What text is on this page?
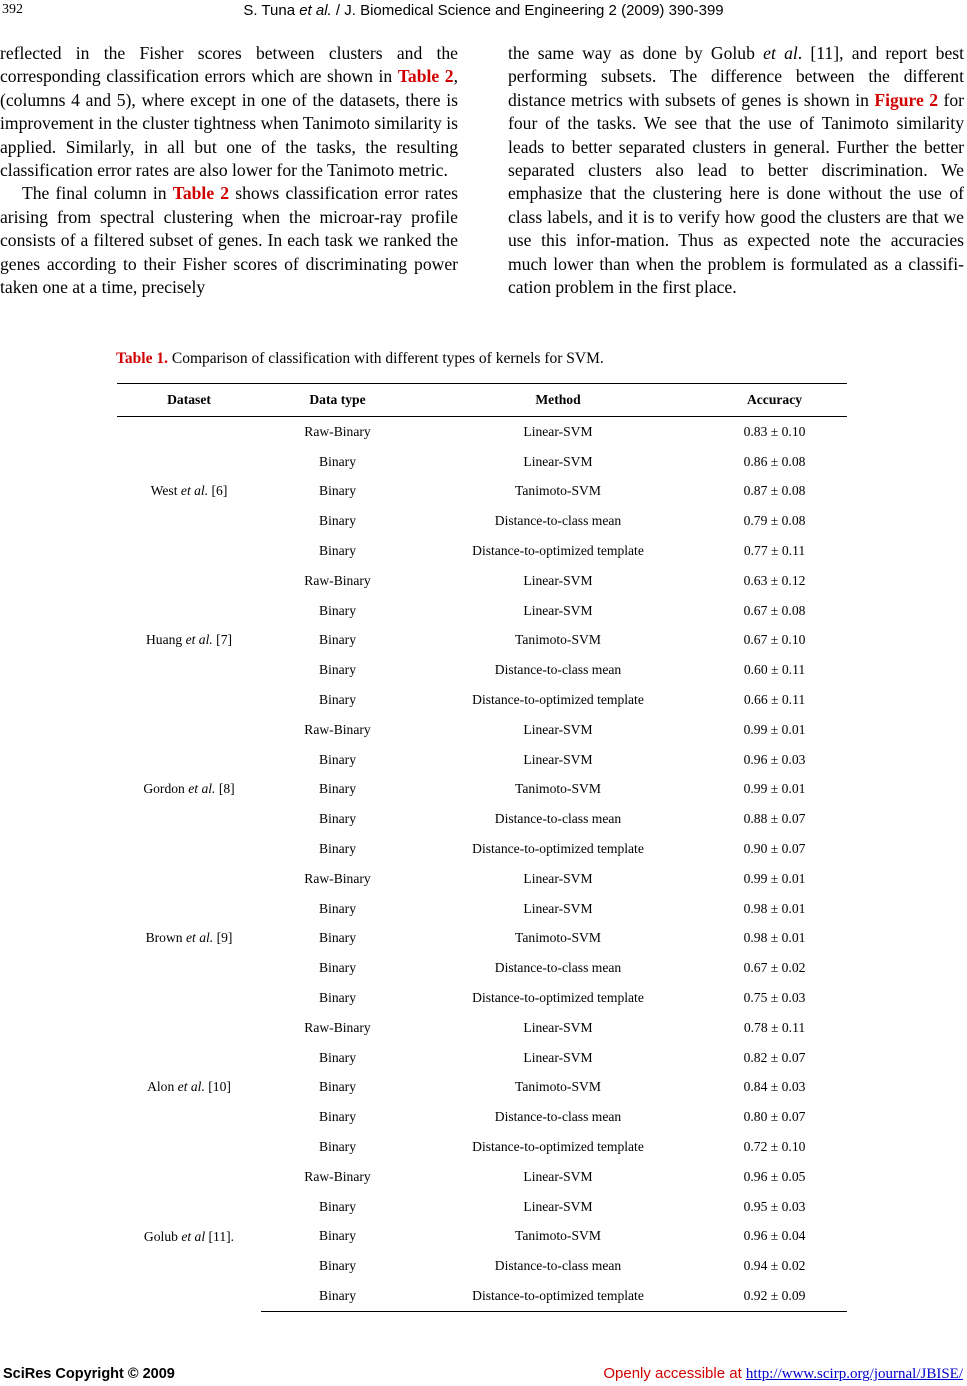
392	S. Tuna et al. / J. Biomedical Science and Engineering 2 (2009) 390-399

reflected in the Fisher scores between clusters and the corresponding classification errors which are shown in Table 2, (columns 4 and 5), where except in one of the datasets, there is improvement in the cluster tightness when Tanimoto similarity is applied. Similarly, in all but one of the tasks, the resulting classification error rates are also lower for the Tanimoto metric.

The final column in Table 2 shows classification error rates arising from spectral clustering when the microar-ray profile consists of a filtered subset of genes. In each task we ranked the genes according to their Fisher scores of discriminating power taken one at a time, precisely

the same way as done by Golub et al. [11], and report best performing subsets. The difference between the different distance metrics with subsets of genes is shown in Figure 2 for four of the tasks. We see that the use of Tanimoto similarity leads to better separated clusters in general. Further the better separated clusters also lead to better discrimination. We emphasize that the clustering here is done without the use of class labels, and it is to verify how good the clusters are that we use this infor-mation. Thus as expected note the accuracies much lower than when the problem is formulated as a classifi-cation problem in the first place.

Table 1. Comparison of classification with different types of kernels for SVM.
Dataset	Data type	Method	Accuracy
West et al. [6]	Raw-Binary	Linear-SVM	0.83 ± 0.10
	Binary	Linear-SVM	0.86 ± 0.08
	Binary	Tanimoto-SVM	0.87 ± 0.08
	Binary	Distance-to-class mean	0.79 ± 0.08
	Binary	Distance-to-optimized template	0.77 ± 0.11
Huang et al. [7]	Raw-Binary	Linear-SVM	0.63 ± 0.12
	Binary	Linear-SVM	0.67 ± 0.08
	Binary	Tanimoto-SVM	0.67 ± 0.10
	Binary	Distance-to-class mean	0.60 ± 0.11
	Binary	Distance-to-optimized template	0.66 ± 0.11
Gordon et al. [8]	Raw-Binary	Linear-SVM	0.99 ± 0.01
	Binary	Linear-SVM	0.96 ± 0.03
	Binary	Tanimoto-SVM	0.99 ± 0.01
	Binary	Distance-to-class mean	0.88 ± 0.07
	Binary	Distance-to-optimized template	0.90 ± 0.07
Brown et al. [9]	Raw-Binary	Linear-SVM	0.99 ± 0.01
	Binary	Linear-SVM	0.98 ± 0.01
	Binary	Tanimoto-SVM	0.98 ± 0.01
	Binary	Distance-to-class mean	0.67 ± 0.02
	Binary	Distance-to-optimized template	0.75 ± 0.03
Alon et al. [10]	Raw-Binary	Linear-SVM	0.78 ± 0.11
	Binary	Linear-SVM	0.82 ± 0.07
	Binary	Tanimoto-SVM	0.84 ± 0.03
	Binary	Distance-to-class mean	0.80 ± 0.07
	Binary	Distance-to-optimized template	0.72 ± 0.10
Golub et al [11].	Raw-Binary	Linear-SVM	0.96 ± 0.05
	Binary	Linear-SVM	0.95 ± 0.03
	Binary	Tanimoto-SVM	0.96 ± 0.04
	Binary	Distance-to-class mean	0.94 ± 0.02
	Binary	Distance-to-optimized template	0.92 ± 0.09
SciRes Copyright © 2009	Openly accessible at http://www.scirp.org/journal/JBISE/
